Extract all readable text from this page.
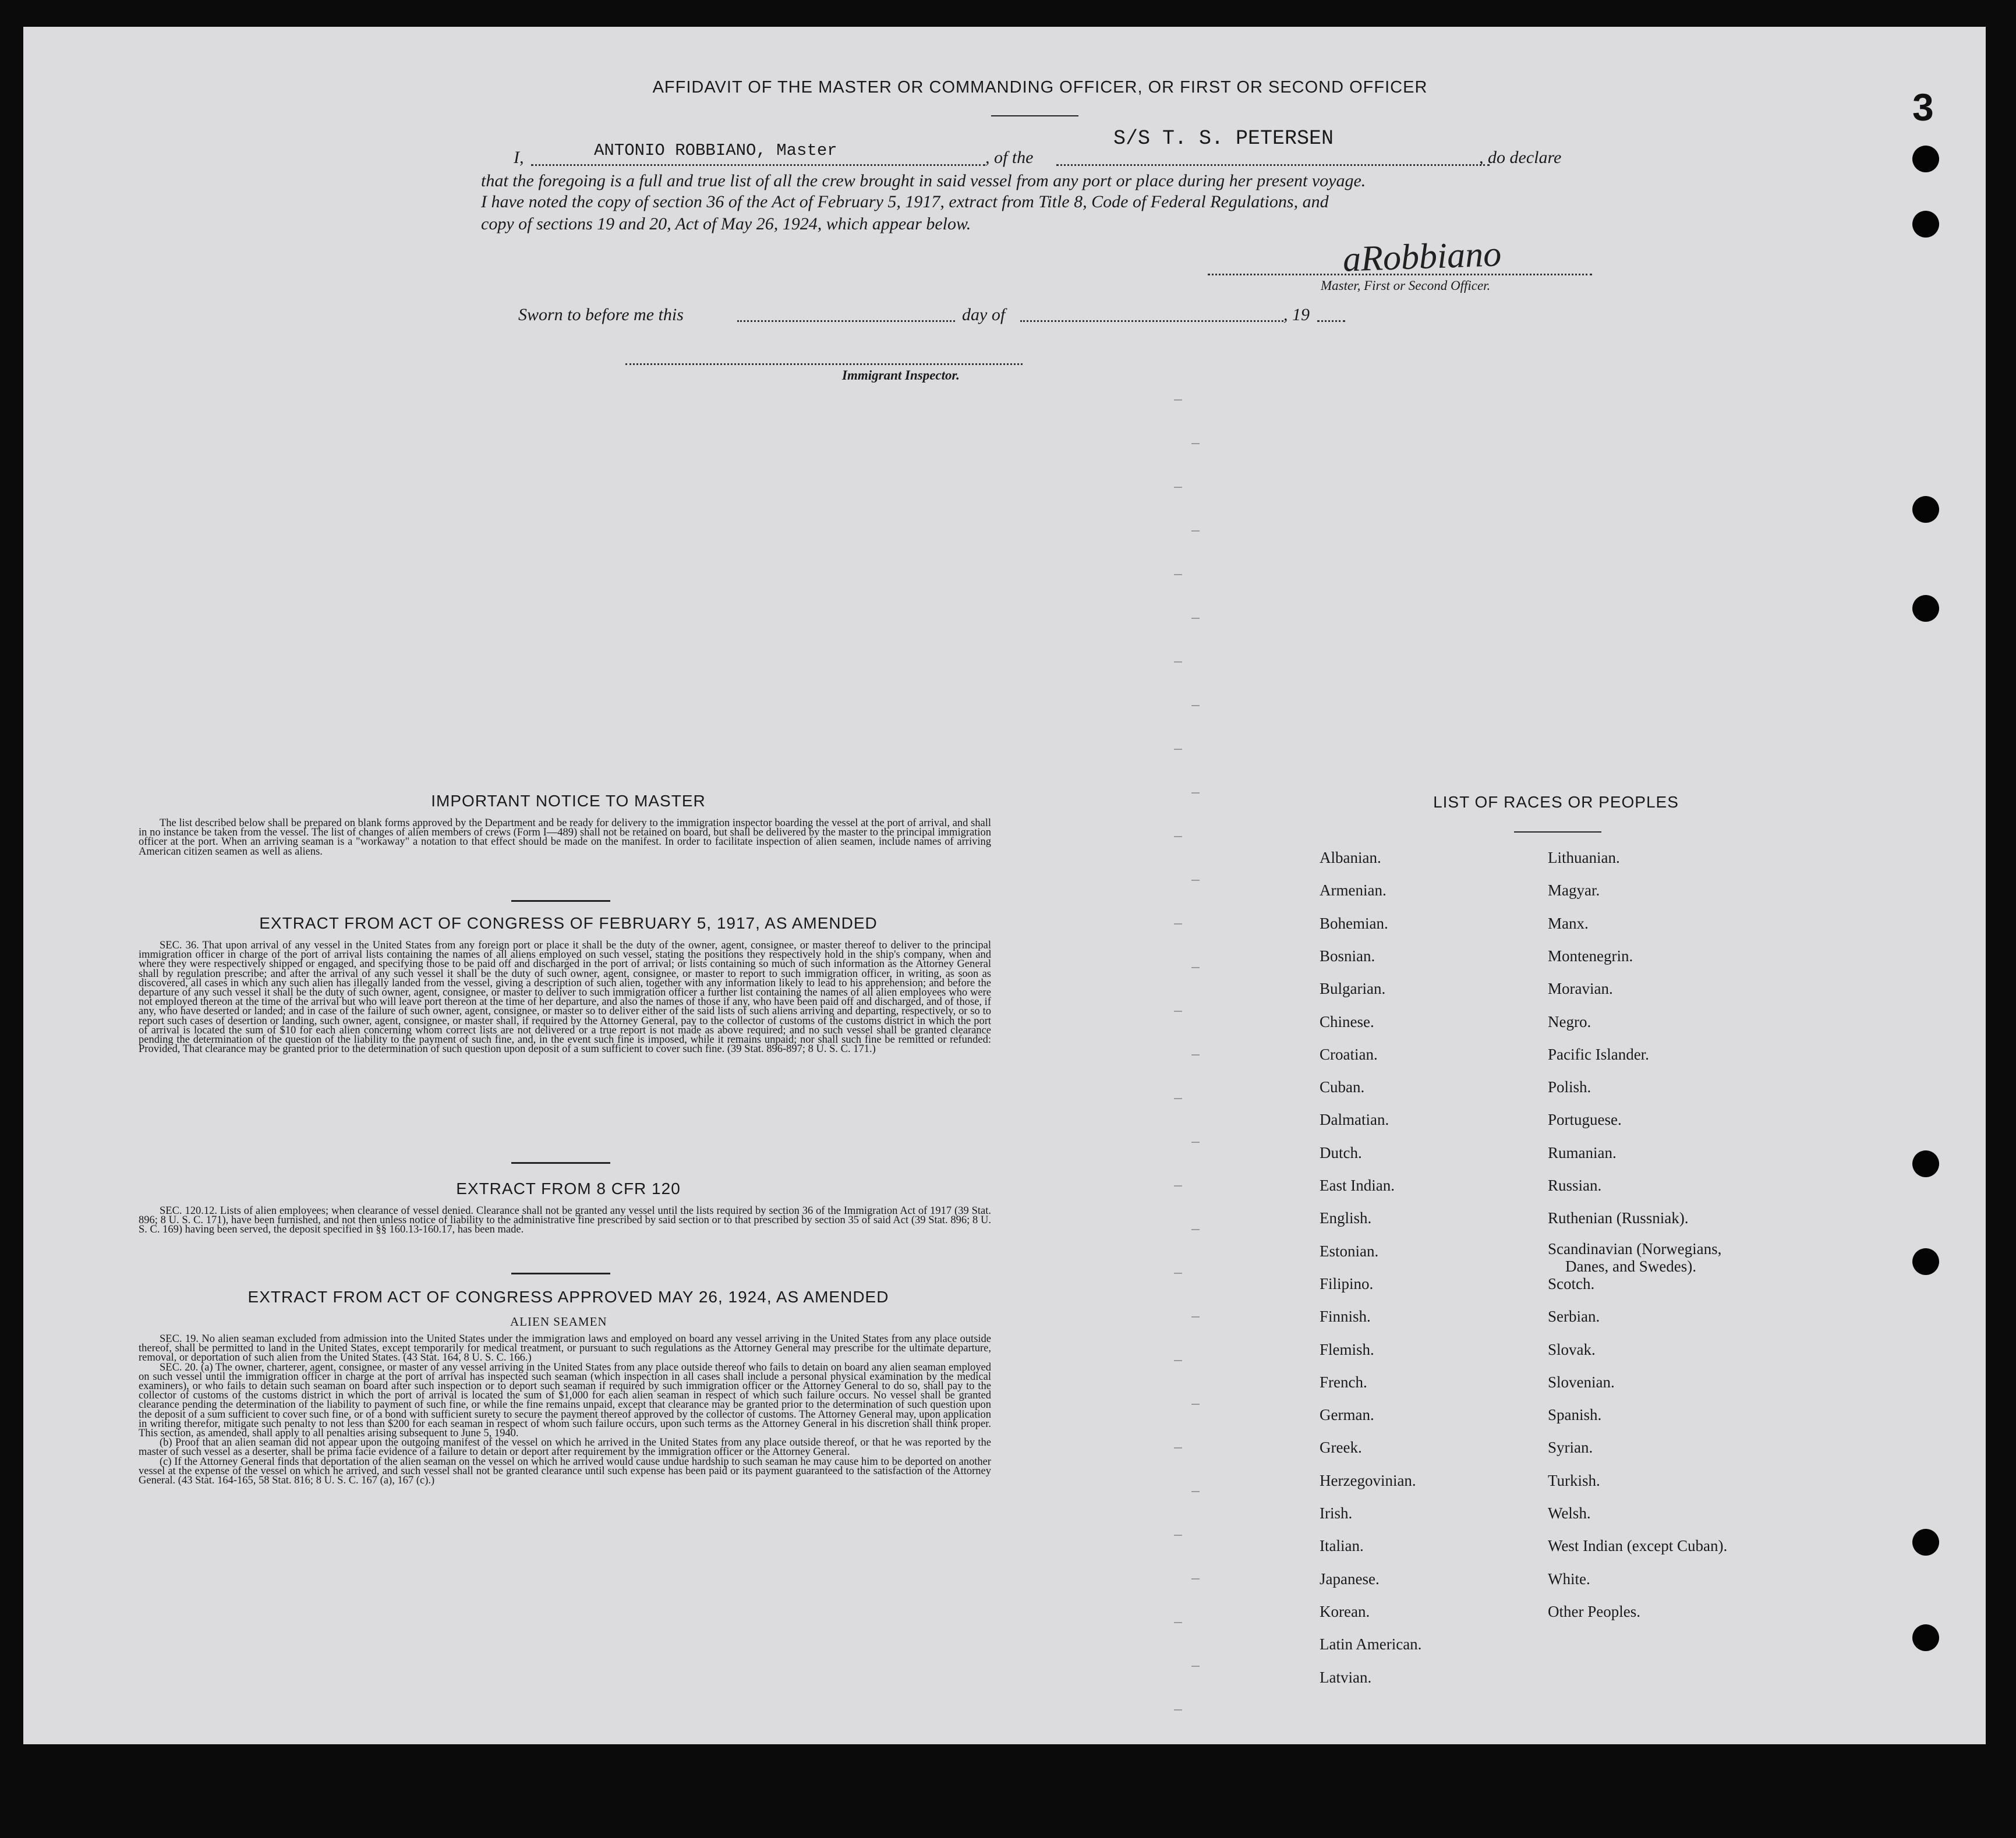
AFFIDAVIT OF THE MASTER OR COMMANDING OFFICER, OR FIRST OR SECOND OFFICER
I,	ANTONIO ROBBIANO, Master	, of the
S/S T. S. PETERSEN
, do declare
that the foregoing is a full and true list of all the crew brought in said vessel from any port or place during her present voyage.
I have noted the copy of section 36 of the Act of February 5, 1917, extract from Title 8, Code of Federal Regulations, and
copy of sections 19 and 20, Act of May 26, 1924, which appear below.
aRobbiano
Master, First or Second Officer.
Sworn to before me this	day of	, 19
Immigrant Inspector.
IMPORTANT NOTICE TO MASTER
The list described below shall be prepared on blank forms approved by the Department and be ready for delivery to the immigration inspector boarding the vessel at the port of arrival, and shall in no instance be taken from the vessel. The list of changes of alien members of crews (Form I—489) shall not be retained on board, but shall be delivered by the master to the principal immigration officer at the port. When an arriving seaman is a "workaway" a notation to that effect should be made on the manifest. In order to facilitate inspection of alien seamen, include names of arriving American citizen seamen as well as aliens.
EXTRACT FROM ACT OF CONGRESS OF FEBRUARY 5, 1917, AS AMENDED
SEC. 36. That upon arrival of any vessel in the United States from any foreign port or place it shall be the duty of the owner, agent, consignee, or master thereof to deliver to the principal immigration officer in charge of the port of arrival lists containing the names of all aliens employed on such vessel, stating the positions they respectively hold in the ship's company, when and where they were respectively shipped or engaged, and specifying those to be paid off and discharged in the port of arrival; or lists containing so much of such information as the Attorney General shall by regulation prescribe; and after the arrival of any such vessel it shall be the duty of such owner, agent, consignee, or master to report to such immigration officer, in writing, as soon as discovered, all cases in which any such alien has illegally landed from the vessel, giving a description of such alien, together with any information likely to lead to his apprehension; and before the departure of any such vessel it shall be the duty of such owner, agent, consignee, or master to deliver to such immigration officer a further list containing the names of all alien employees who were not employed thereon at the time of the arrival but who will leave port thereon at the time of her departure, and also the names of those if any, who have been paid off and discharged, and of those, if any, who have deserted or landed; and in case of the failure of such owner, agent, consignee, or master so to deliver either of the said lists of such aliens arriving and departing, respectively, or so to report such cases of desertion or landing, such owner, agent, consignee, or master shall, if required by the Attorney General, pay to the collector of customs of the customs district in which the port of arrival is located the sum of $10 for each alien concerning whom correct lists are not delivered or a true report is not made as above required; and no such vessel shall be granted clearance pending the determination of the question of the liability to the payment of such fine, and, in the event such fine is imposed, while it remains unpaid; nor shall such fine be remitted or refunded: Provided, That clearance may be granted prior to the determination of such question upon deposit of a sum sufficient to cover such fine. (39 Stat. 896-897; 8 U. S. C. 171.)
EXTRACT FROM 8 CFR 120
SEC. 120.12. Lists of alien employees; when clearance of vessel denied. Clearance shall not be granted any vessel until the lists required by section 36 of the Immigration Act of 1917 (39 Stat. 896; 8 U. S. C. 171), have been furnished, and not then unless notice of liability to the administrative fine prescribed by said section or to that prescribed by section 35 of said Act (39 Stat. 896; 8 U. S. C. 169) having been served, the deposit specified in §§ 160.13-160.17, has been made.
EXTRACT FROM ACT OF CONGRESS APPROVED MAY 26, 1924, AS AMENDED
ALIEN SEAMEN
SEC. 19. No alien seaman excluded from admission into the United States under the immigration laws and employed on board any vessel arriving in the United States from any place outside thereof, shall be permitted to land in the United States, except temporarily for medical treatment, or pursuant to such regulations as the Attorney General may prescribe for the ultimate departure, removal, or deportation of such alien from the United States. (43 Stat. 164, 8 U. S. C. 166.)
SEC. 20. (a) The owner, charterer, agent, consignee, or master of any vessel arriving in the United States from any place outside thereof who fails to detain on board any alien seaman employed on such vessel until the immigration officer in charge at the port of arrival has inspected such seaman (which inspection in all cases shall include a personal physical examination by the medical examiners), or who fails to detain such seaman on board after such inspection or to deport such seaman if required by such immigration officer or the Attorney General to do so, shall pay to the collector of customs of the customs district in which the port of arrival is located the sum of $1,000 for each alien seaman in respect of which such failure occurs. No vessel shall be granted clearance pending the determination of the liability to payment of such fine, or while the fine remains unpaid, except that clearance may be granted prior to the determination of such question upon the deposit of a sum sufficient to cover such fine, or of a bond with sufficient surety to secure the payment thereof approved by the collector of customs. The Attorney General may, upon application in writing therefor, mitigate such penalty to not less than $200 for each seaman in respect of whom such failure occurs, upon such terms as the Attorney General in his discretion shall think proper. This section, as amended, shall apply to all penalties arising subsequent to June 5, 1940.
(b) Proof that an alien seaman did not appear upon the outgoing manifest of the vessel on which he arrived in the United States from any place outside thereof, or that he was reported by the master of such vessel as a deserter, shall be prima facie evidence of a failure to detain or deport after requirement by the immigration officer or the Attorney General.
(c) If the Attorney General finds that deportation of the alien seaman on the vessel on which he arrived would cause undue hardship to such seaman he may cause him to be deported on another vessel at the expense of the vessel on which he arrived, and such vessel shall not be granted clearance until such expense has been paid or its payment guaranteed to the satisfaction of the Attorney General. (43 Stat. 164-165, 58 Stat. 816; 8 U. S. C. 167 (a), 167 (c).)
LIST OF RACES OR PEOPLES
Albanian.
Armenian.
Bohemian.
Bosnian.
Bulgarian.
Chinese.
Croatian.
Cuban.
Dalmatian.
Dutch.
East Indian.
English.
Estonian.
Filipino.
Finnish.
Flemish.
French.
German.
Greek.
Herzegovinian.
Irish.
Italian.
Japanese.
Korean.
Latin American.
Latvian.
Lithuanian.
Magyar.
Manx.
Montenegrin.
Moravian.
Negro.
Pacific Islander.
Polish.
Portuguese.
Rumanian.
Russian.
Ruthenian (Russniak).
Scandinavian (Norwegians,
Danes, and Swedes).
Scotch.
Serbian.
Slovak.
Slovenian.
Spanish.
Syrian.
Turkish.
Welsh.
West Indian (except Cuban).
White.
Other Peoples.
3
